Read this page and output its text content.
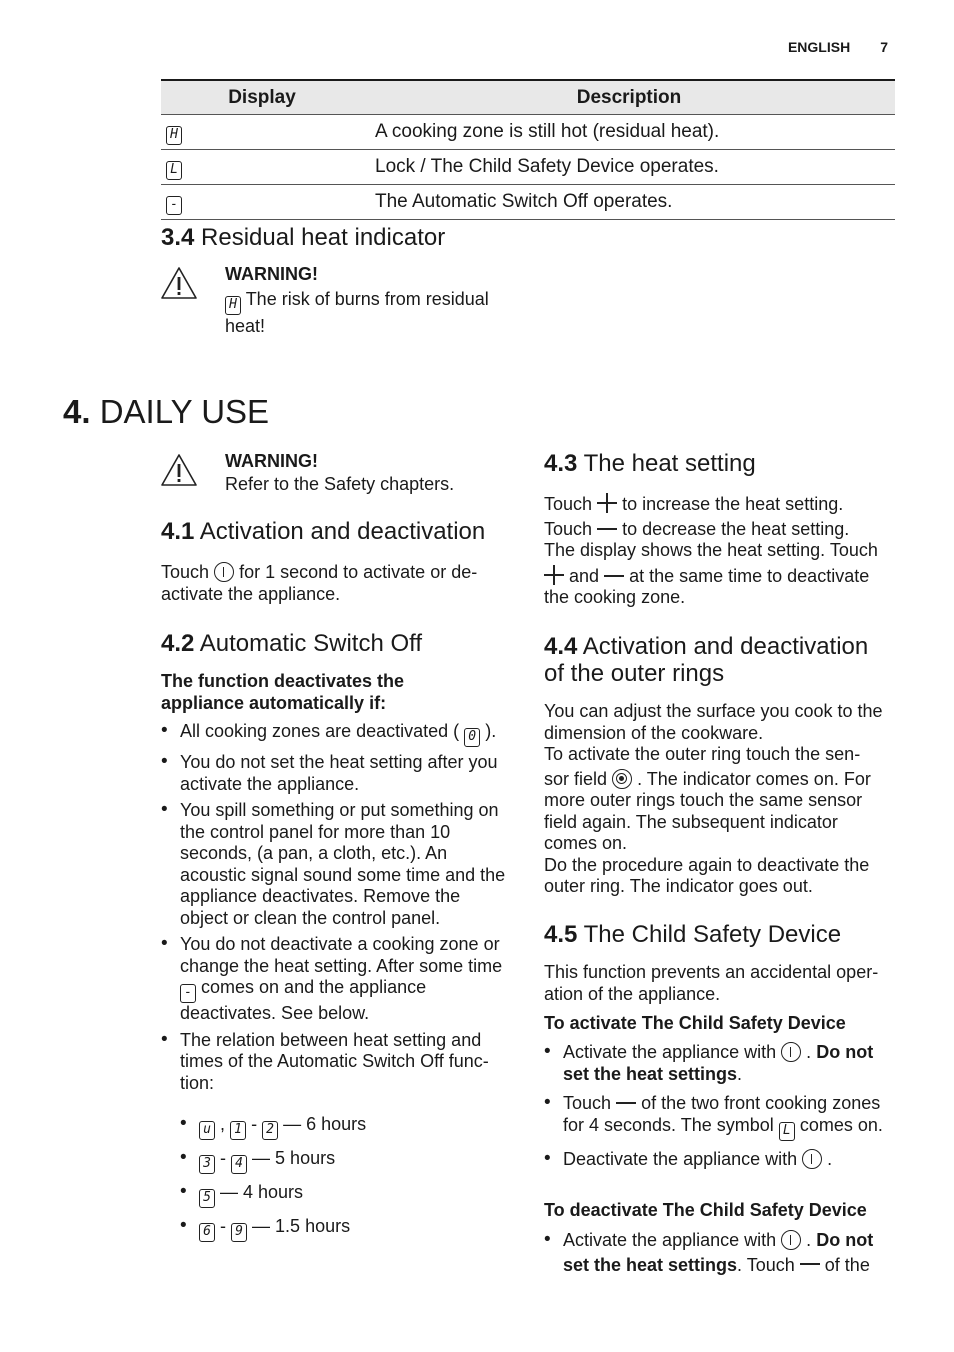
ENGLISH 7
Display	Description
H	A cooking zone is still hot (residual heat).
L	Lock / The Child Safety Device operates.
-	The Automatic Switch Off operates.
3.4 Residual heat indicator
WARNING!
H The risk of burns from residual heat!
4. DAILY USE
WARNING!
Refer to the Safety chapters.
4.1 Activation and deactivation
Touch for 1 second to activate or de-activate the appliance.
4.2 Automatic Switch Off
The function deactivates the appliance automatically if:
• All cooking zones are deactivated ( 0 ).
• You do not set the heat setting after you activate the appliance.
• You spill something or put something on the control panel for more than 10 seconds, (a pan, a cloth, etc.). An acoustic signal sound some time and the appliance deactivates. Remove the object or clean the control panel.
• You do not deactivate a cooking zone or change the heat setting. After some time - comes on and the appliance deactivates. See below.
• The relation between heat setting and times of the Automatic Switch Off func-tion:
• u , 1 - 2 — 6 hours
• 3 - 4 — 5 hours
• 5 — 4 hours
• 6 - 9 — 1.5 hours
4.3 The heat setting
Touch to increase the heat setting.
Touch to decrease the heat setting.
The display shows the heat setting. Touch
and at the same time to deactivate
the cooking zone.
4.4 Activation and deactivation of the outer rings
You can adjust the surface you cook to the dimension of the cookware.
To activate the outer ring touch the sen-
sor field . The indicator comes on. For more outer rings touch the same sensor field again. The subsequent indicator comes on.
Do the procedure again to deactivate the outer ring. The indicator goes out.
4.5 The Child Safety Device
This function prevents an accidental oper-ation of the appliance.
To activate The Child Safety Device
• Activate the appliance with . Do not set the heat settings.
• Touch of the two front cooking zones for 4 seconds. The symbol L comes on.
• Deactivate the appliance with .
To deactivate The Child Safety Device
• Activate the appliance with . Do not set the heat settings. Touch of the
